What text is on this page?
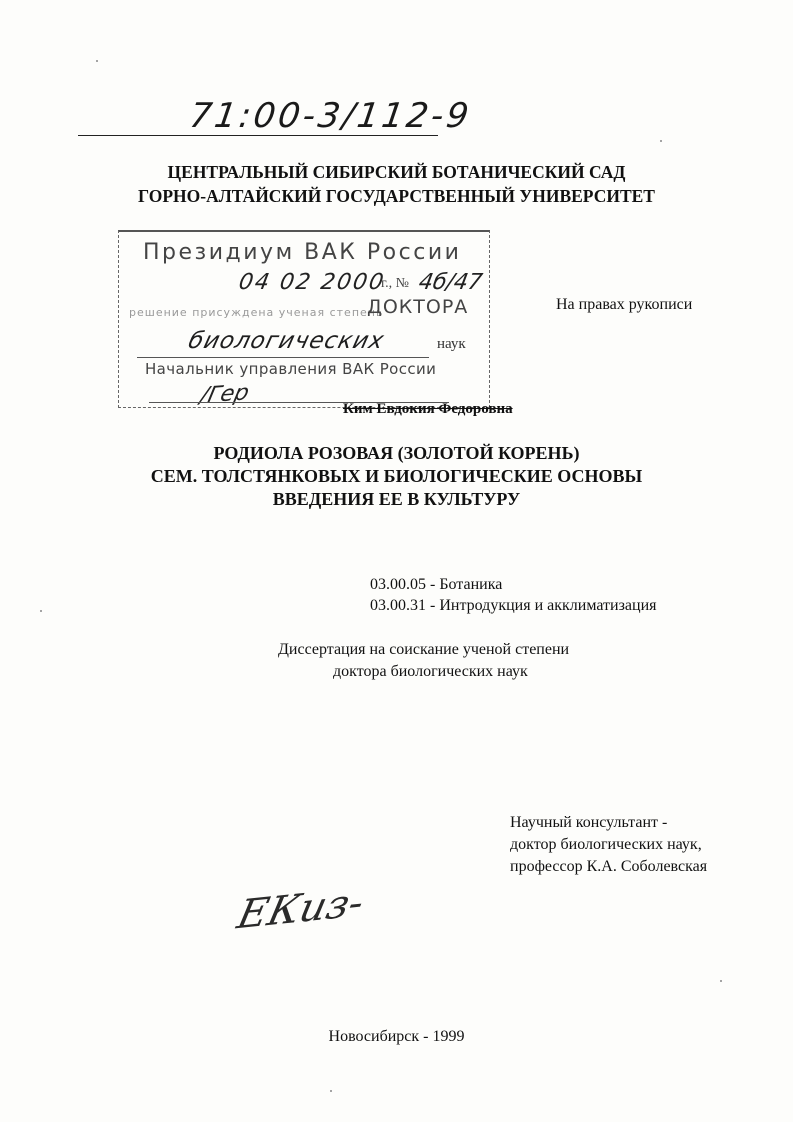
71:00-3/112-9
ЦЕНТРАЛЬНЫЙ СИБИРСКИЙ БОТАНИЧЕСКИЙ САД
ГОРНО-АЛТАЙСКИЙ ГОСУДАРСТВЕННЫЙ УНИВЕРСИТЕТ
Президиум ВАК России
04 02 2000
г., № 4б/47
решение присуждена ученая степень
ДОКТОРА
биологических	наук
Начальник управления ВАК России
/Гер
На правах рукописи
Ким Евдокия Федоровна
РОДИОЛА РОЗОВАЯ (ЗОЛОТОЙ КОРЕНЬ)
СЕМ. ТОЛСТЯНКОВЫХ И БИОЛОГИЧЕСКИЕ ОСНОВЫ
ВВЕДЕНИЯ ЕЕ В КУЛЬТУРУ
03.00.05 - Ботаника
03.00.31 - Интродукция и акклиматизация
Диссертация на соискание ученой степени
доктора биологических наук
Научный консультант -
доктор биологических наук,
профессор К.А. Соболевская
ЕКиз-
Новосибирск - 1999
